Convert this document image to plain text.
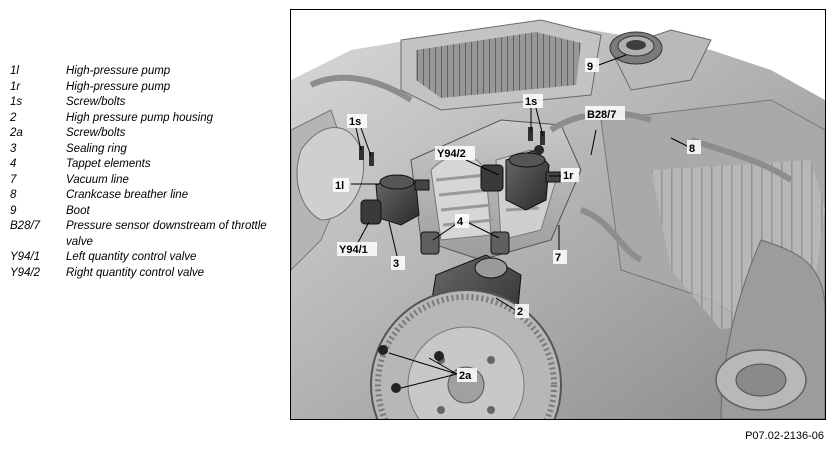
1l	High-pressure pump
1r	High-pressure pump
1s	Screw/bolts
2	High pressure pump housing
2a	Screw/bolts
3	Sealing ring
4	Tappet elements
7	Vacuum line
8	Crankcase breather line
9	Boot
B28/7	Pressure sensor downstream of throttle valve
Y94/1	Left quantity control valve
Y94/2	Right quantity control valve
9
1s
1s
B28/7
Y94/2	8
1r
1l
4
7
Y94/1
3
2
2a
P07.02-2136-06
